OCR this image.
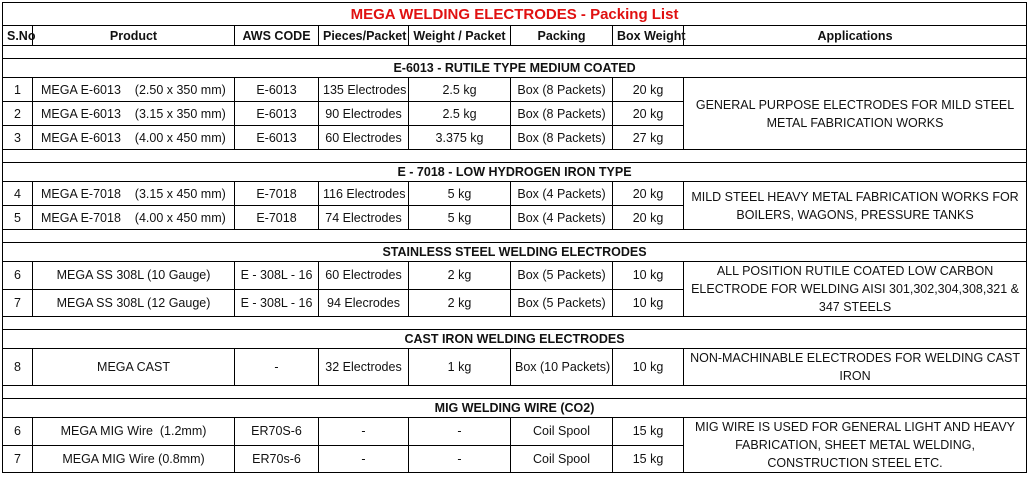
MEGA WELDING ELECTRODES - Packing List							
S.No	Product	AWS CODE	Pieces/Packet	Weight / Packet	Packing	Box Weight	Applications

E-6013 - RUTILE TYPE MEDIUM COATED							
1	MEGA E-6013    (2.50 x 350 mm)	E-6013	135 Electrodes	2.5 kg	Box (8 Packets)	20 kg	GENERAL PURPOSE ELECTRODES FOR MILD STEEL METAL FABRICATION WORKS
2	MEGA E-6013    (3.15 x 350 mm)	E-6013	90 Electrodes	2.5 kg	Box (8 Packets)	20 kg	
3	MEGA E-6013    (4.00 x 450 mm)	E-6013	60 Electrodes	3.375 kg	Box (8 Packets)	27 kg	

E - 7018 - LOW HYDROGEN IRON TYPE							
4	MEGA E-7018    (3.15 x 450 mm)	E-7018	116 Electrodes	5 kg	Box (4 Packets)	20 kg	MILD STEEL HEAVY METAL FABRICATION WORKS FOR BOILERS, WAGONS, PRESSURE TANKS
5	MEGA E-7018    (4.00 x 450 mm)	E-7018	74 Electrodes	5 kg	Box (4 Packets)	20 kg	

STAINLESS STEEL WELDING ELECTRODES							
6	MEGA SS 308L (10 Gauge)	E - 308L - 16	60 Electrodes	2 kg	Box (5 Packets)	10 kg	ALL POSITION RUTILE COATED LOW CARBON ELECTRODE FOR WELDING AISI 301,302,304,308,321 & 347 STEELS
7	MEGA SS 308L (12 Gauge)	E - 308L - 16	94 Elecrodes	2 kg	Box (5 Packets)	10 kg	

CAST IRON WELDING ELECTRODES							
8	MEGA CAST	-	32 Electrodes	1 kg	Box (10 Packets)	10 kg	NON-MACHINABLE ELECTRODES FOR WELDING CAST IRON

MIG WELDING WIRE (CO2)							
6	MEGA MIG Wire  (1.2mm)	ER70S-6	-	-	Coil Spool	15 kg	MIG WIRE IS USED FOR GENERAL LIGHT AND HEAVY FABRICATION, SHEET METAL WELDING, CONSTRUCTION STEEL ETC.
7	MEGA MIG Wire (0.8mm)	ER70s-6	-	-	Coil Spool	15 kg	
